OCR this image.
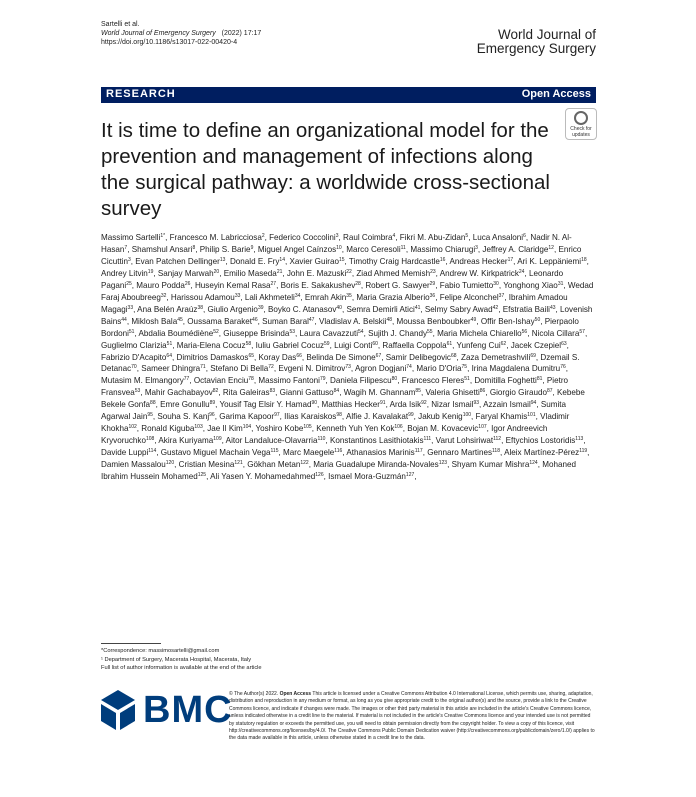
Sartelli et al.
World Journal of Emergency Surgery (2022) 17:17
https://doi.org/10.1186/s13017-022-00420-4
World Journal of
Emergency Surgery
RESEARCH	Open Access
Check for
updates
It is time to define an organizational model for the prevention and management of infections along the surgical pathway: a worldwide cross-sectional survey
Massimo Sartelli$^{1*}$, Francesco M. Labricciosa$^2$, Federico Coccolini$^3$, Raul Coimbra$^4$, Fikri M. Abu-Zidan$^5$, Luca Ansaloni$^6$, Nadir N. Al-Hasan$^7$, Shamshul Ansari$^8$, Philip S. Barie$^9$, Miguel Angel Caínzos$^{10}$, Marco Ceresoli$^{11}$, Massimo Chiarugi$^3$, Jeffrey A. Claridge$^{12}$, Enrico Cicuttin$^3$, Evan Patchen Dellinger$^{13}$, Donald E. Fry$^{14}$, Xavier Guirao$^{15}$, Timothy Craig Hardcastle$^{16}$, Andreas Hecker$^{17}$, Ari K. Leppäniemi$^{18}$, Andrey Litvin$^{19}$, Sanjay Marwah$^{20}$, Emilio Maseda$^{21}$, John E. Mazuski$^{22}$, Ziad Ahmed Memish$^{23}$, Andrew W. Kirkpatrick$^{24}$, Leonardo Pagani$^{25}$, Mauro Podda$^{26}$, Huseyin Kemal Rasa$^{27}$, Boris E. Sakakushev$^{28}$, Robert G. Sawyer$^{29}$, Fabio Tumietto$^{30}$, Yonghong Xiao$^{31}$, Wedad Faraj Aboubreeg$^{32}$, Harissou Adamou$^{33}$, Lali Akhmeteli$^{34}$, Emrah Akin$^{35}$, Maria Grazia Alberio$^{36}$, Felipe Alconchel$^{37}$, Ibrahim Amadou Magagi$^{33}$, Ana Belén Araúz$^{38}$, Giulio Argenio$^{39}$, Boyko C. Atanasov$^{40}$, Semra Demirli Atici$^{41}$, Selmy Sabry Awad$^{42}$, Efstratia Baili$^{43}$, Lovenish Bains$^{44}$, Miklosh Bala$^{45}$, Oussama Baraket$^{46}$, Suman Baral$^{47}$, Vladislav A. Belskii$^{48}$, Moussa Benboubker$^{49}$, Offir Ben-Ishay$^{50}$, Pierpaolo Bordoni$^{51}$, Abdalia Boumédiène$^{52}$, Giuseppe Brisinda$^{53}$, Laura Cavazzuti$^{54}$, Sujith J. Chandy$^{55}$, Maria Michela Chiarello$^{56}$, Nicola Cillara$^{57}$, Guglielmo Clarizia$^{51}$, Maria-Elena Cocuz$^{58}$, Iuliu Gabriel Cocuz$^{59}$, Luigi Conti$^{60}$, Raffaella Coppola$^{61}$, Yunfeng Cui$^{62}$, Jacek Czepiel$^{63}$, Fabrizio D'Acapito$^{64}$, Dimitrios Damaskos$^{65}$, Koray Das$^{66}$, Belinda De Simone$^{67}$, Samir Delibegovic$^{68}$, Zaza Demetrashvili$^{69}$, Dzemail S. Detanac$^{70}$, Sameer Dhingra$^{71}$, Stefano Di Bella$^{72}$, Evgeni N. Dimitrov$^{73}$, Agron Dogjani$^{74}$, Mario D'Oria$^{75}$, Irina Magdalena Dumitru$^{76}$, Mutasim M. Elmangory$^{77}$, Octavian Enciu$^{78}$, Massimo Fantoni$^{79}$, Daniela Filipescu$^{80}$, Francesco Fleres$^{51}$, Domitilla Foghetti$^{81}$, Pietro Fransvea$^{53}$, Mahir Gachabayov$^{82}$, Rita Galeiras$^{83}$, Gianni Gattuso$^{84}$, Wagih M. Ghannam$^{85}$, Valeria Ghisetti$^{86}$, Giorgio Giraudo$^{87}$, Kebebe Bekele Gonfa$^{88}$, Emre Gonullu$^{89}$, Yousif Tag Elsir Y. Hamad$^{90}$, Matthias Hecker$^{91}$, Arda Isik$^{92}$, Nizar Ismail$^{93}$, Azzain Ismail$^{94}$, Sumita Agarwal Jain$^{95}$, Souha S. Kanj$^{96}$, Garima Kapoor$^{97}$, Ilias Karaiskos$^{98}$, Alfie J. Kavalakat$^{99}$, Jakub Kenig$^{100}$, Faryal Khamis$^{101}$, Vladimir Khokha$^{102}$, Ronald Kiguba$^{103}$, Jae Il Kim$^{104}$, Yoshiro Kobe$^{105}$, Kenneth Yuh Yen Kok$^{106}$, Bojan M. Kovacevic$^{107}$, Igor Andreevich Kryvoruchko$^{108}$, Akira Kuriyama$^{109}$, Aitor Landaluce-Olavarria$^{110}$, Konstantinos Lasithiotakis$^{111}$, Varut Lohsiriwat$^{112}$, Eftychios Lostoridis$^{113}$, Davide Luppi$^{114}$, Gustavo Miguel Machain Vega$^{115}$, Marc Maegele$^{116}$, Athanasios Marinis$^{117}$, Gennaro Martines$^{118}$, Aleix Martínez-Pérez$^{119}$, Damien Massalou$^{120}$, Cristian Mesina$^{121}$, Gökhan Metan$^{122}$, Maria Guadalupe Miranda-Novales$^{123}$, Shyam Kumar Mishra$^{124}$, Mohaned Ibrahim Hussein Mohamed$^{125}$, Ali Yasen Y. Mohamedahmed$^{126}$, Ismael Mora-Guzmán$^{127}$,
*Correspondence: massimosartelli@gmail.com
¹ Department of Surgery, Macerata Hospital, Macerata, Italy
Full list of author information is available at the end of the article
BMC
© The Author(s) 2022. Open Access This article is licensed under a Creative Commons Attribution 4.0 International License, which permits use, sharing, adaptation, distribution and reproduction in any medium or format, as long as you give appropriate credit to the original author(s) and the source, provide a link to the Creative Commons licence, and indicate if changes were made. The images or other third party material in this article are included in the article's Creative Commons licence, unless indicated otherwise in a credit line to the material. If material is not included in the article's Creative Commons licence and your intended use is not permitted by statutory regulation or exceeds the permitted use, you will need to obtain permission directly from the copyright holder. To view a copy of this licence, visit http://creativecommons.org/licenses/by/4.0/. The Creative Commons Public Domain Dedication waiver (http://creativecommons.org/publicdomain/zero/1.0/) applies to the data made available in this article, unless otherwise stated in a credit line to the data.
